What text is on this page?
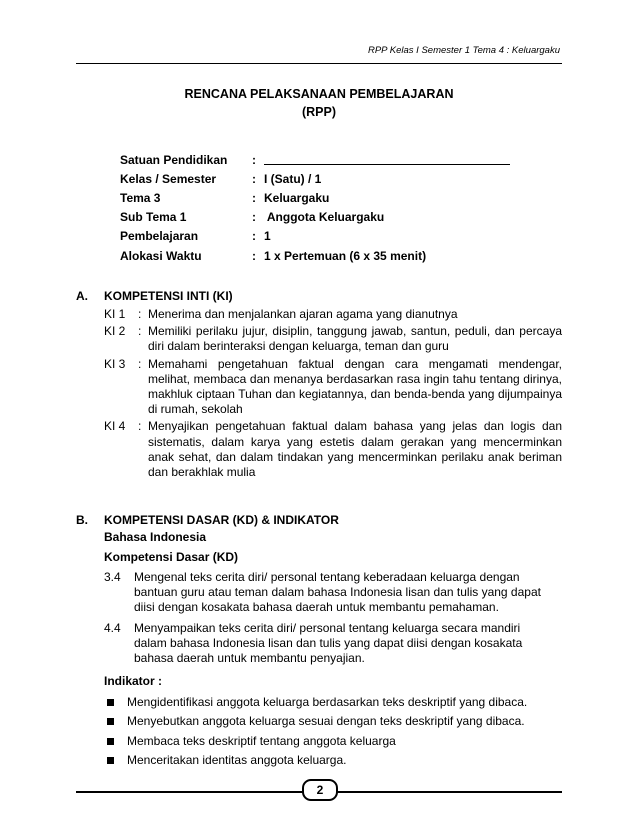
RPP Kelas I Semester 1 Tema 4 : Keluargaku
RENCANA PELAKSANAAN PEMBELAJARAN
(RPP)
Satuan Pendidikan	:
Kelas / Semester	: I (Satu) / 1
Tema 3	: Keluargaku
Sub Tema 1	: Anggota Keluargaku
Pembelajaran	: 1
Alokasi Waktu	: 1 x Pertemuan (6 x 35 menit)
A.	KOMPETENSI INTI (KI)
KI 1	: Menerima dan menjalankan ajaran agama yang dianutnya
KI 2	: Memiliki perilaku jujur, disiplin, tanggung jawab, santun, peduli, dan percaya diri dalam berinteraksi dengan keluarga, teman dan guru
KI 3	: Memahami pengetahuan faktual dengan cara mengamati mendengar, melihat, membaca dan menanya berdasarkan rasa ingin tahu tentang dirinya, makhluk ciptaan Tuhan dan kegiatannya, dan benda-benda yang dijumpainya di rumah, sekolah
KI 4	: Menyajikan pengetahuan faktual dalam bahasa yang jelas dan logis dan sistematis, dalam karya yang estetis dalam gerakan yang mencerminkan anak sehat, dan dalam tindakan yang mencerminkan perilaku anak beriman dan berakhlak mulia
B.	KOMPETENSI DASAR (KD) & INDIKATOR
Bahasa Indonesia
Kompetensi Dasar (KD)
3.4	Mengenal teks cerita diri/ personal tentang keberadaan keluarga dengan bantuan guru atau teman dalam bahasa Indonesia lisan dan tulis yang dapat diisi dengan kosakata bahasa daerah untuk membantu pemahaman.
4.4	Menyampaikan teks cerita diri/ personal tentang keluarga secara mandiri dalam bahasa Indonesia lisan dan tulis yang dapat diisi dengan kosakata bahasa daerah untuk membantu penyajian.
Indikator :
Mengidentifikasi anggota keluarga berdasarkan teks deskriptif yang dibaca.
Menyebutkan anggota keluarga sesuai dengan teks deskriptif yang dibaca.
Membaca teks deskriptif tentang anggota keluarga
Menceritakan identitas anggota keluarga.
2
